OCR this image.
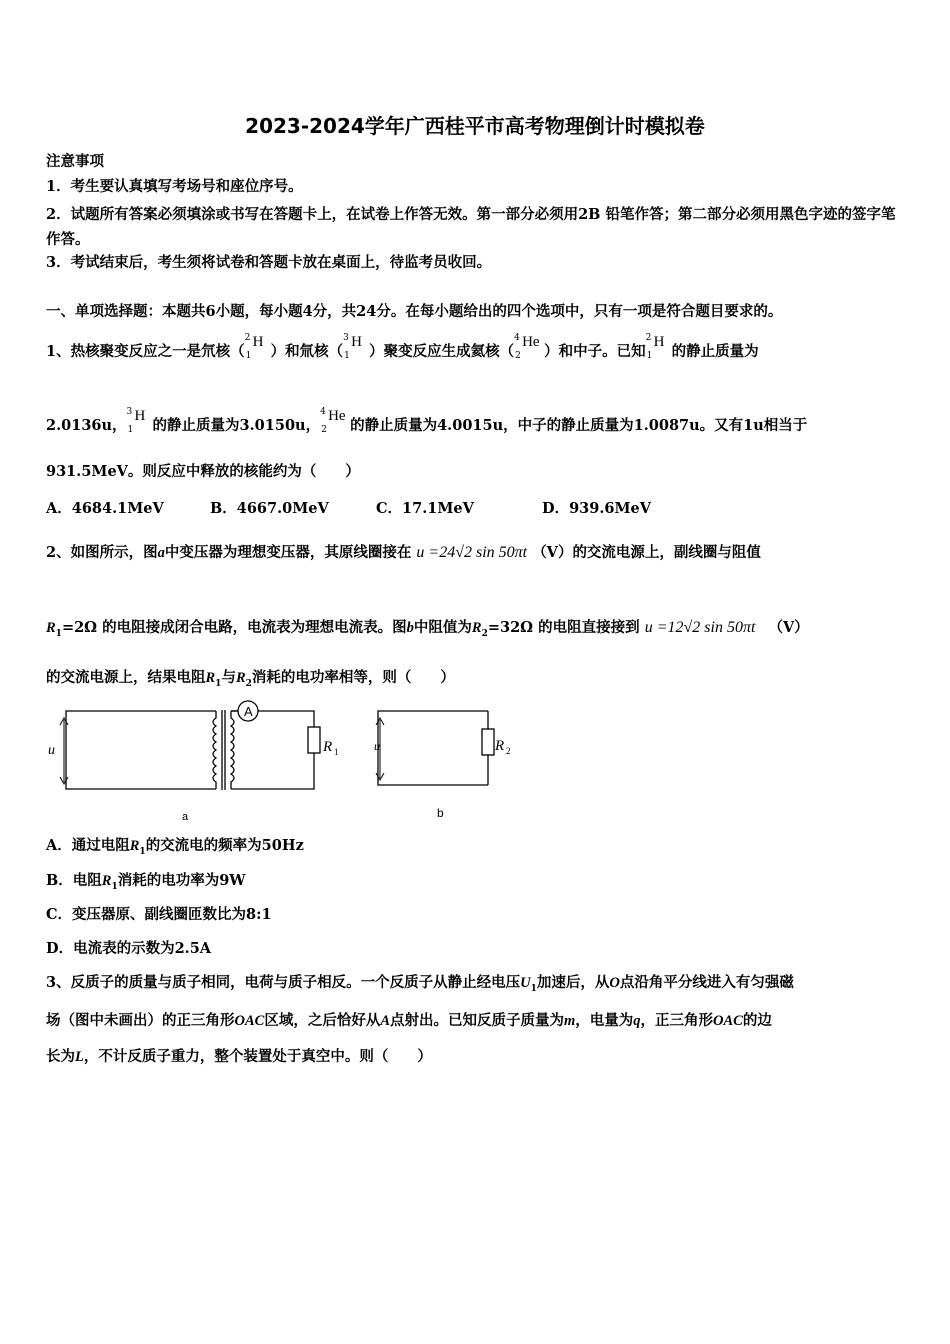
2023-2024学年广西桂平市高考物理倒计时模拟卷
注意事项
1．考生要认真填写考场号和座位序号。
2．试题所有答案必须填涂或书写在答题卡上，在试卷上作答无效。第一部分必须用2B 铅笔作答；第二部分必须用黑色字迹的签字笔作答。
3．考试结束后，考生须将试卷和答题卡放在桌面上，待监考员收回。
一、单项选择题：本题共6小题，每小题4分，共24分。在每小题给出的四个选项中，只有一项是符合题目要求的。
1、热核聚变反应之一是氘核（
2
1
H
）和氚核（
3
1
H
）聚变反应生成氦核（
4
2
He
）和中子。已知
2
1
H
的静止质量为
2.0136u，
3
1
H
的静止质量为3.0150u，
4
2
He
的静止质量为4.0015u，中子的静止质量为1.0087u。又有1u相当于
931.5MeV。则反应中释放的核能约为（　　）
A．4684.1MeV	B．4667.0MeV	C．17.1MeV	D．939.6MeV
2、如图所示，图a中变压器为理想变压器，其原线圈接在 u =24√2 sin 50πt （V）的交流电源上，副线圈与阻值
$R_1=2\Omega$ 的电阻接成闭合电路，电流表为理想电流表。图b中阻值为$R_2=32\Omega$ 的电阻直接接到 u =12√2 sin 50πt （V）
的交流电源上，结果电阻$R_1$与$R_2$消耗的电功率相等，则（　　）
A
u	u
R 1	R 2
a	b
A．通过电阻$R_1$的交流电的频率为50Hz
B．电阻$R_1$消耗的电功率为9W
C．变压器原、副线圈匝数比为8:1
D．电流表的示数为2.5A
3、反质子的质量与质子相同，电荷与质子相反。一个反质子从静止经电压$U_1$加速后，从O点沿角平分线进入有匀强磁
场（图中未画出）的正三角形OAC区域，之后恰好从A点射出。已知反质子质量为m，电量为q，正三角形OAC的边
长为L，不计反质子重力，整个装置处于真空中。则（　　）
